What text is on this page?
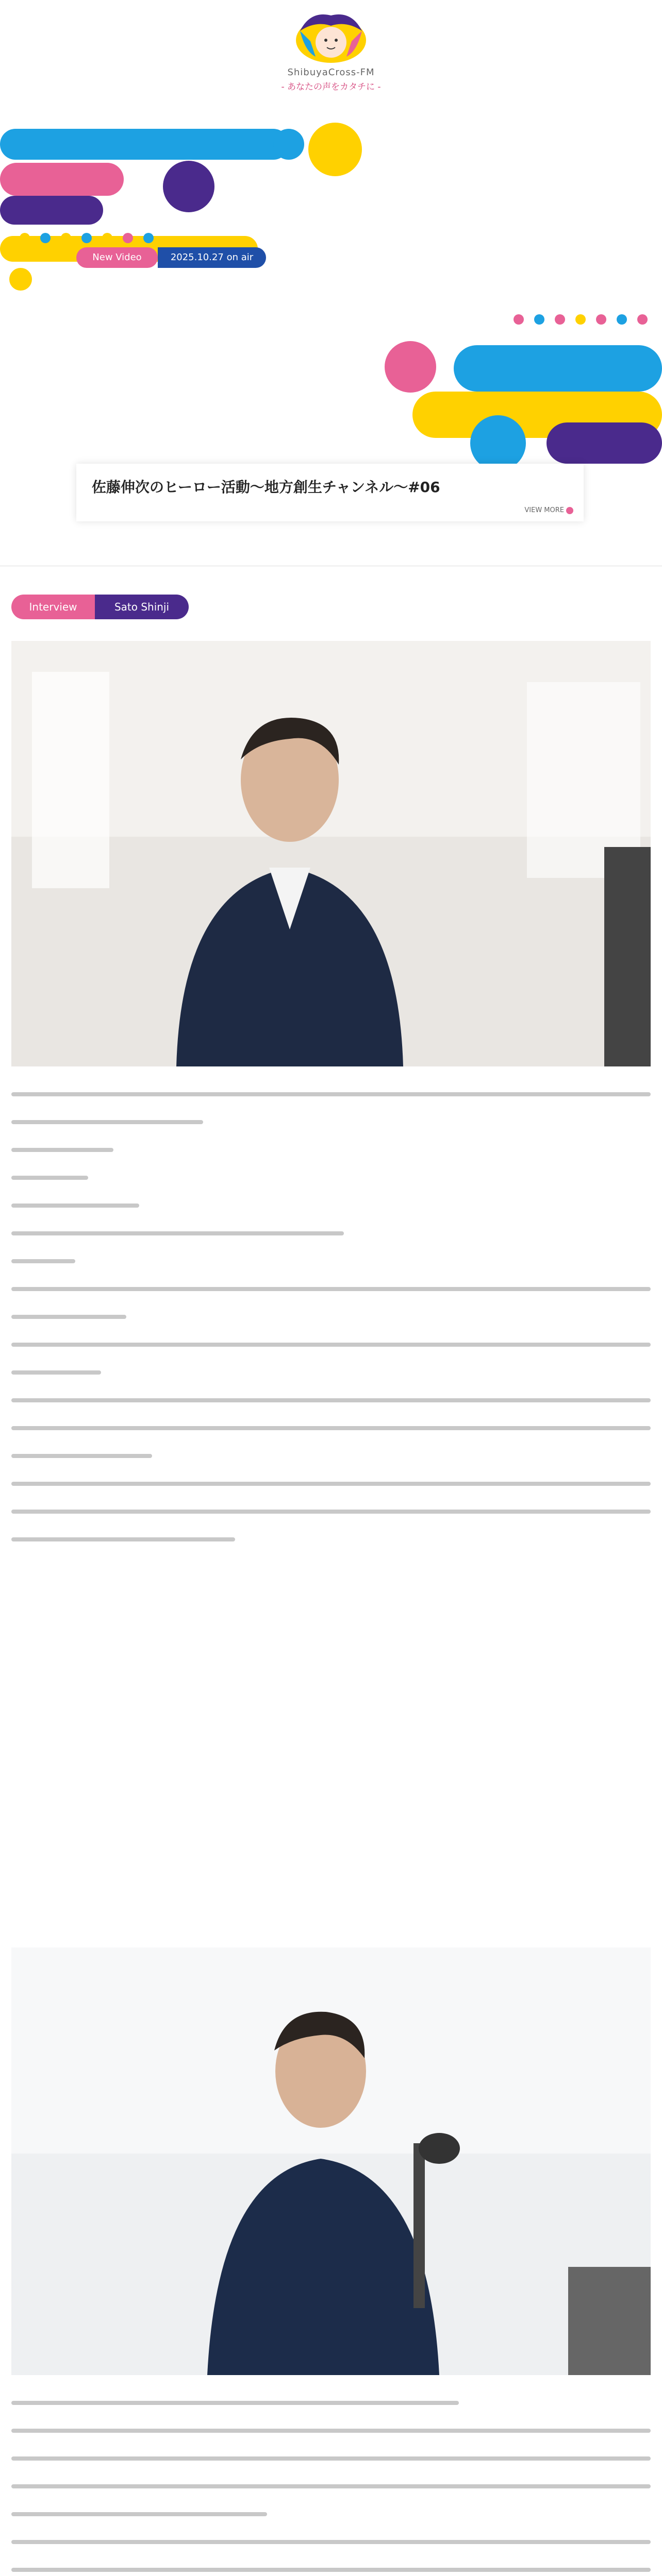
ShibuyaCross-FM
- あなたの声をカタチに -
New Video	2025.10.27 on air
佐藤伸次のヒーロー活動〜地方創生チャンネル〜#06
VIEW MORE
Interview	Sato Shinji
